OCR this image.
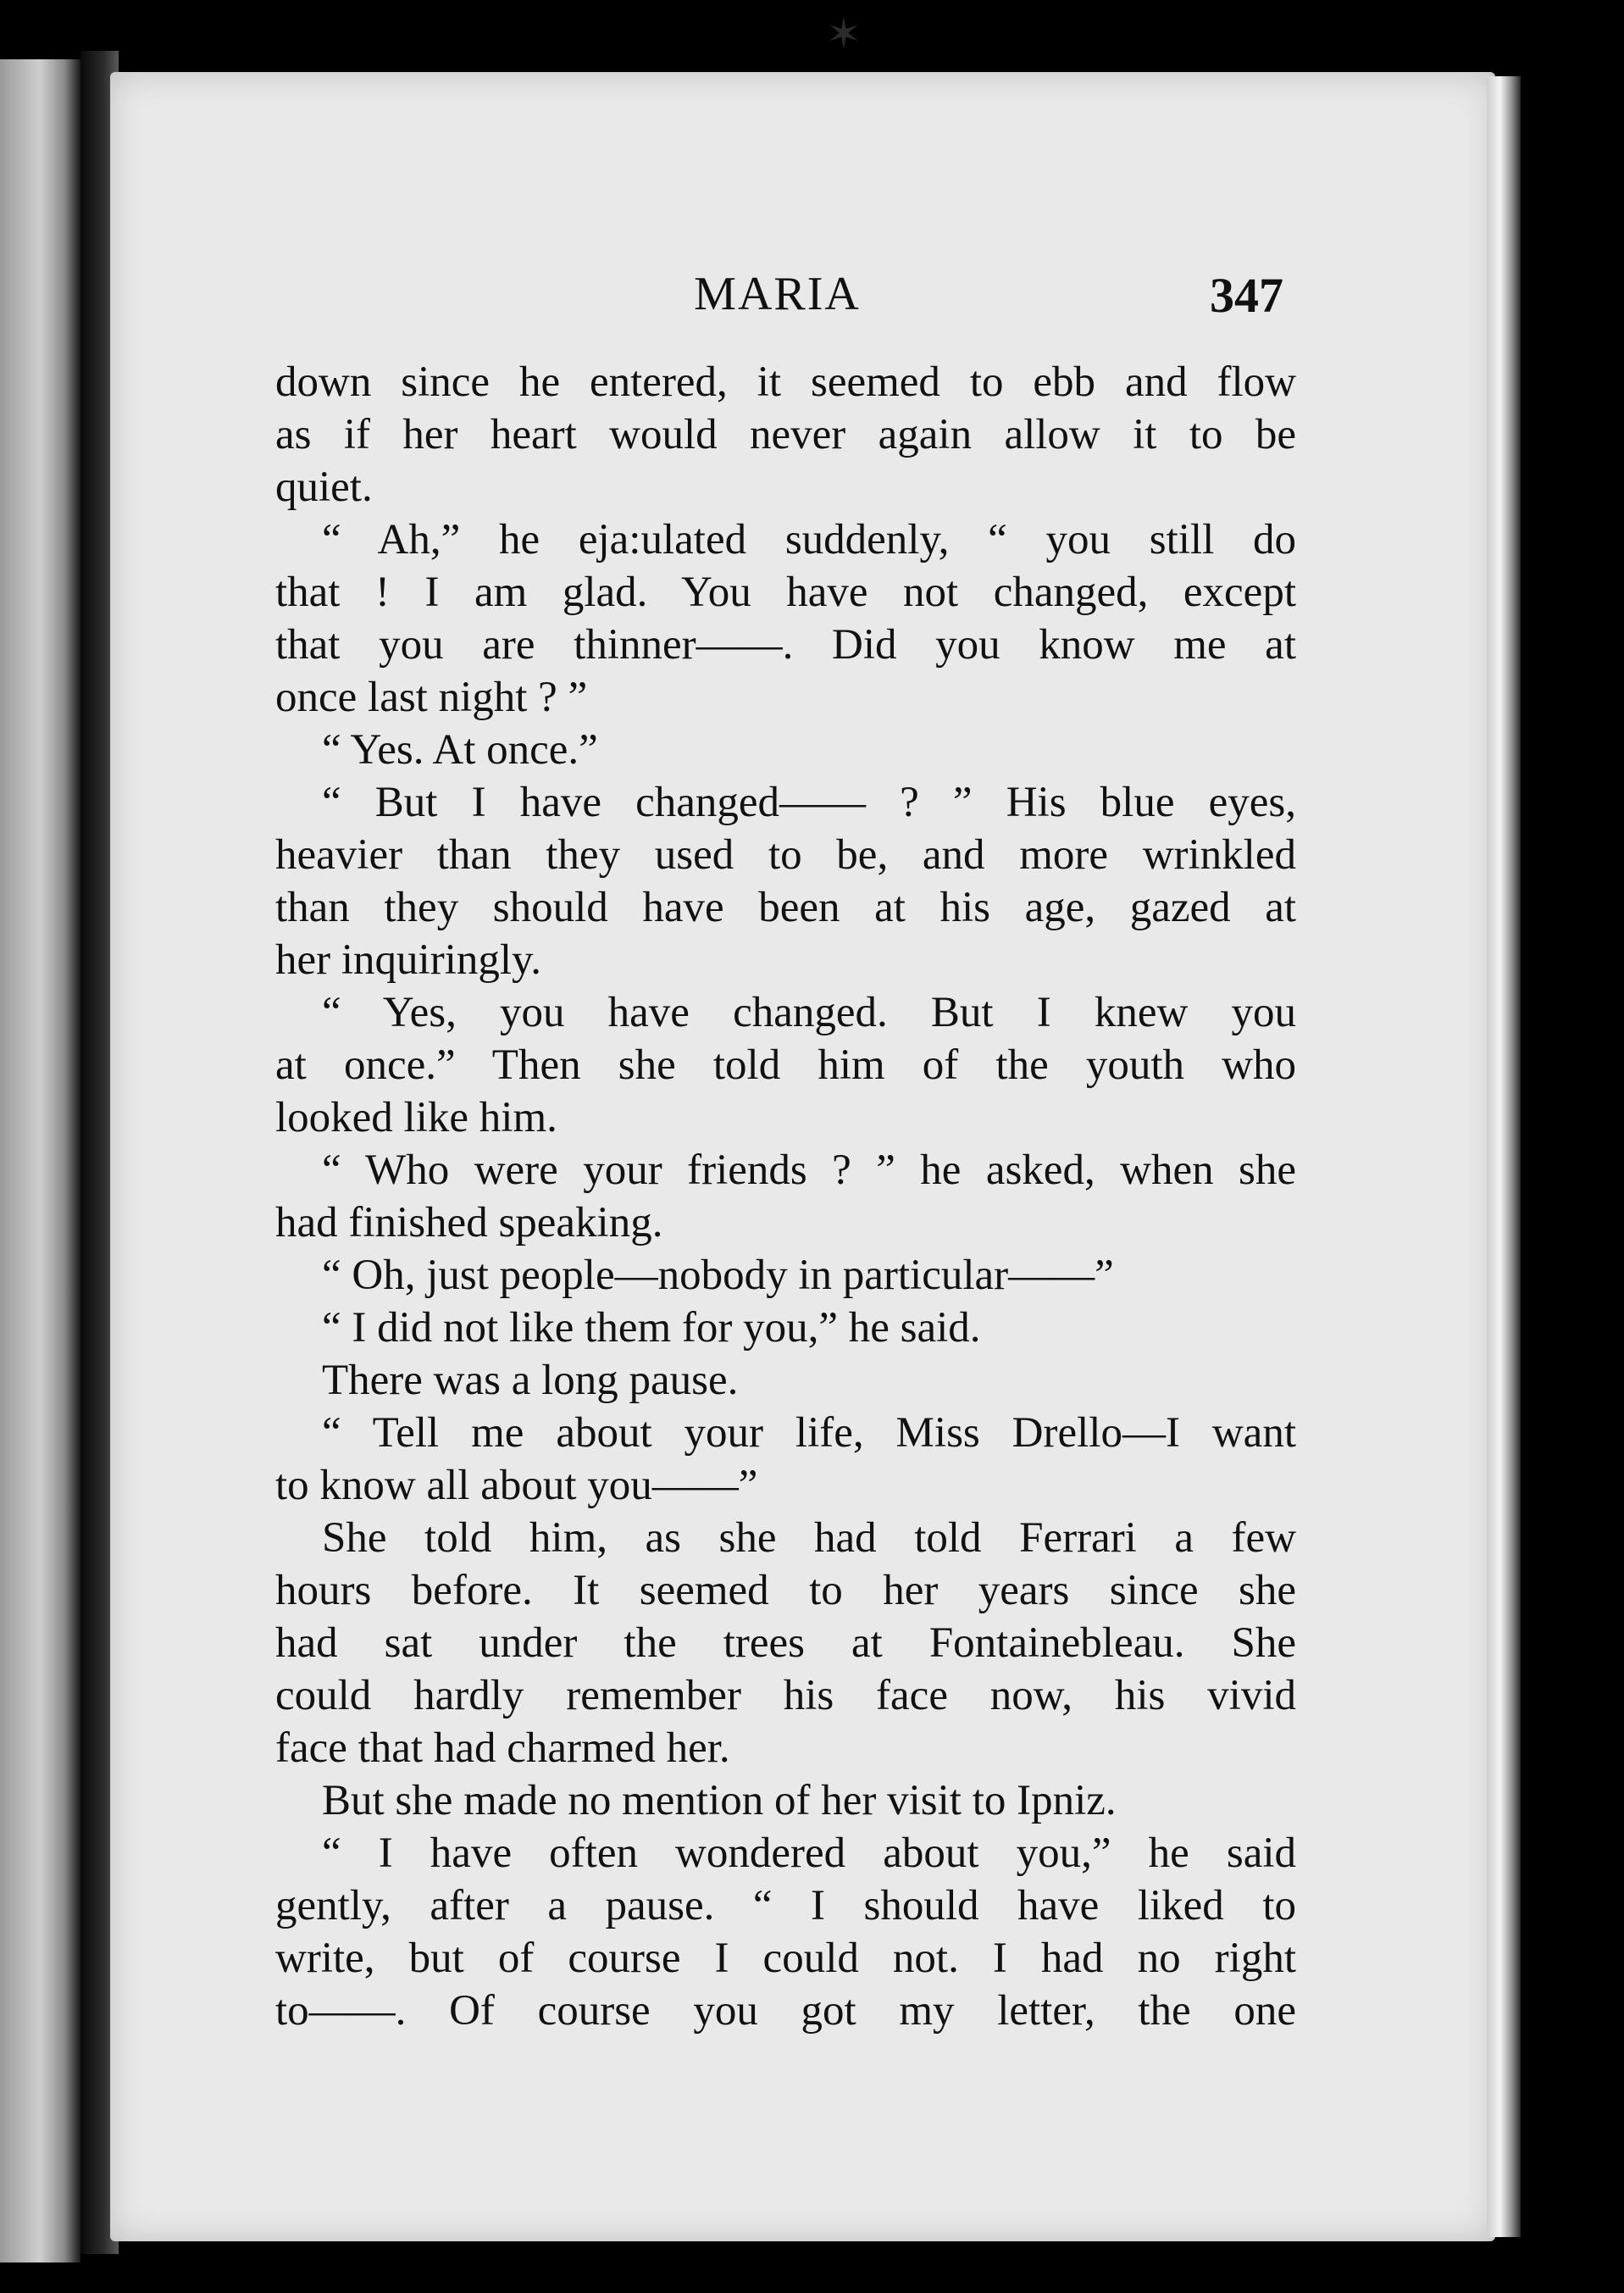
✶
MARIA	347
down since he entered, it seemed to ebb and flow
as if her heart would never again allow it to be
quiet.
“ Ah,” he eja:ulated suddenly, “ you still do
that ! I am glad. You have not changed, except
that you are thinner——. Did you know me at
once last night ? ”
“ Yes. At once.”
“ But I have changed—— ? ” His blue eyes,
heavier than they used to be, and more wrinkled
than they should have been at his age, gazed at
her inquiringly.
“ Yes, you have changed. But I knew you
at once.” Then she told him of the youth who
looked like him.
“ Who were your friends ? ” he asked, when she
had finished speaking.
“ Oh, just people—nobody in particular——”
“ I did not like them for you,” he said.
There was a long pause.
“ Tell me about your life, Miss Drello—I want
to know all about you——”
She told him, as she had told Ferrari a few
hours before. It seemed to her years since she
had sat under the trees at Fontainebleau. She
could hardly remember his face now, his vivid
face that had charmed her.
But she made no mention of her visit to Ipniz.
“ I have often wondered about you,” he said
gently, after a pause. “ I should have liked to
write, but of course I could not. I had no right
to——. Of course you got my letter, the one
